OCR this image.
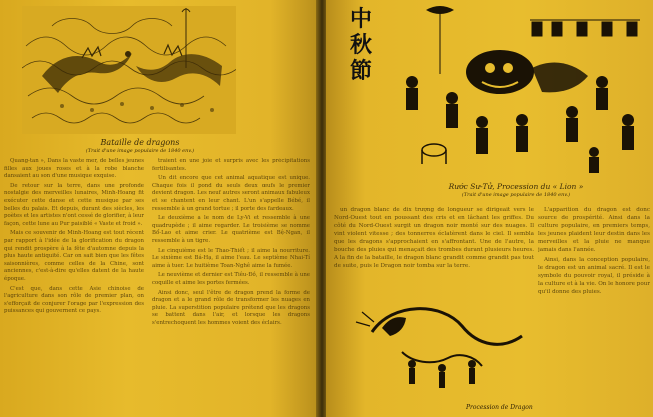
Bataille de dragons
(Trait d'une image populaire de 1840 env.)

Quang-tan », Dans la vaste mer, de belles jeunes filles aux joues roses et à la robe blanche dansaient au son d'une musique exquise.

De retour sur la terre, dans une profonde nostalgie des merveilles lunaires, Minh-Hoang fit exécuter cette danse et cette musique par ses belles du palais. Et depuis, durant des siècles, les poètes et les artistes n'ont cessé de glorifier, à leur façon, cette lune au Pur paisiblé « Vaste et froid ».

Mais ce souvenir de Minh-Hoang est tout récent par rapport à l'idée de la glorification du dragon qui rendit prospère à la fête d'automne depuis la plus haute antiquité. Car on sait bien que les fêtes saisonnières, comme celles de la Chine, sont anciennes, c'est-à-dire qu'elles datent de la haute époque.

C'est que, dans cette Asie chinoise de l'agriculture dans son rôle de premier plan, on s'efforçait de conjurer l'orage par l'expression des puissances qui gouvernent ce pays.

traient en une joie et surpris avec les précipitations fertilisantes.

Un dit encore que cet animal aquatique est unique. Chaque fois il pond du seuls deux œufs le premier devient dragon. Les neuf autres seront animaux fabuleux et se chantent en leur chant. L'un s'appelle Bébé, il ressemble à un grand tortue ; il porte des fardeaux.

Le deuxième a le nom de Ly-Vi et ressemble à une quadrupède ; il aime regarder. Le troisième se nomme Bổ-Lao et aime crier. Le quatrième est Bệ-Ngan, il ressemble à un tigre.

Le cinquième est le Thao-Thiết ; il aime la nourriture. Le sixième est Bá-Hạ, il aime l'eau. Le septième Nhai-Tí aime à tuer. Le huitième Toan-Nghê aime la fumée.

Le neuvième et dernier est Tiêu-Đồ, il ressemble à une coquille et aime les portes fermées.

Ainsi donc, seul l'être de dragon prend la forme de dragon et a le grand rôle de transformer les nuages en pluie. La superstition populaire prétend que les dragons se battent dans l'air, et lorsque les dragons s'entrechoquent les hommes voient des éclairs.

中秋節
Rước Sư-Tử, Procession du « Lion »
(Trait d'une image populaire de 1840 env.)

un dragon blanc de dix trượng de longueur se dirigeait vers le Nord-Ouest tout en poussant des cris et en lâchant les griffes. Du côté du Nord-Ouest surgit un dragon noir monté sur des nuages. Il vint violent vitesse ; des tonnerres éclatèrent dans le ciel. Il sembla que les dragons s'approchaient en s'affrontant. Une de l'autre, la bouche des pluies qui menaçait des trombes durant plusieurs heures. A la fin de la bataille, le dragon blanc grandit comme grandit pas tout de suite, puis le Dragon noir tomba sur la terre.

Procession de Dragon

L'apparition du dragon est donc source de prospérité. Ainsi dans la culture populaire, en premiers temps, les jeunes plaident leur destin dans les merveilles et la pluie ne manque jamais dans l'année.

Ainsi, dans la conception populaire, le dragon est un animal sacré. Il est le symbole du pouvoir royal, il préside à la culture et à la vie. On le honore pour qu'il donne des pluies.
